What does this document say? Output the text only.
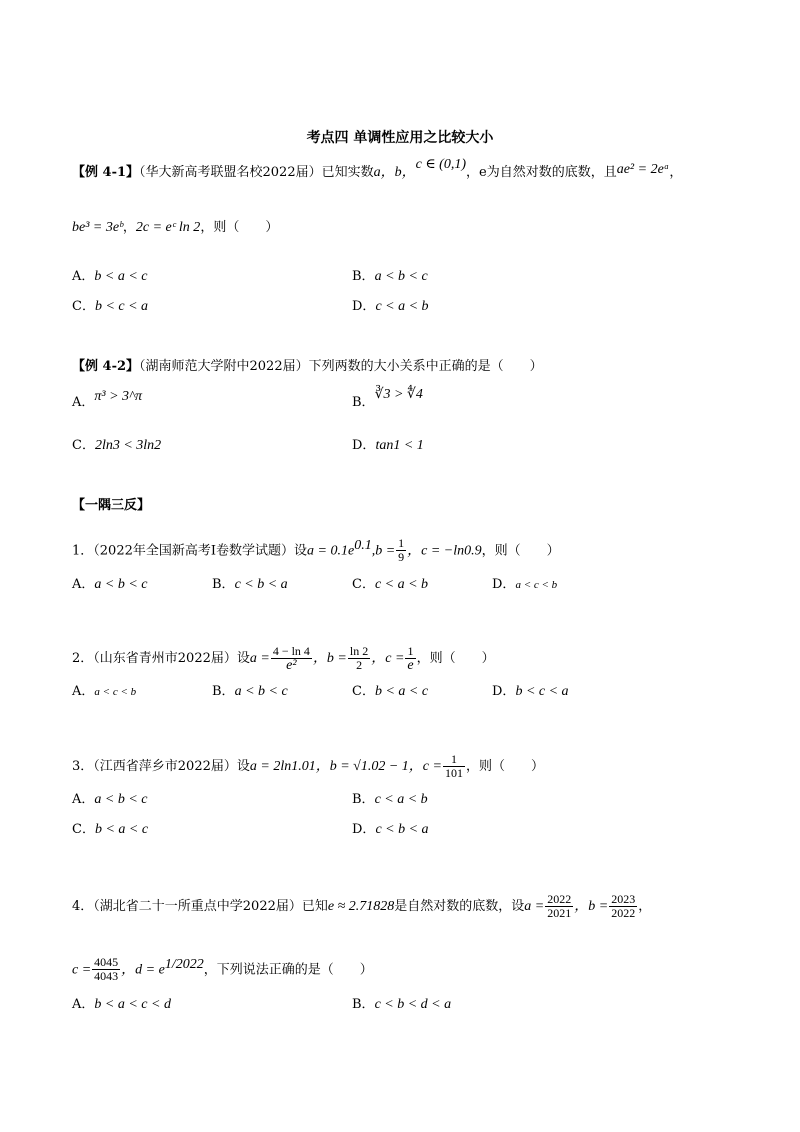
考点四 单调性应用之比较大小
【例 4-1】（华大新高考联盟名校2022届）已知实数a，b，c ∈ (0,1)，e为自然对数的底数，且ae² = 2eᵃ，
be³ = 3eᵇ，2c = eᶜ ln 2，则（　　）
A．b < a < c	B．a < b < c
C．b < c < a	D．c < a < b
【例 4-2】（湖南师范大学附中2022届）下列两数的大小关系中正确的是（　　）
A．π³ > 3^π	B．∛3 > ∜4
C．2ln3 < 3ln2	D．tan1 < 1
【一隅三反】
1．（2022年全国新高考Ⅰ卷数学试题）设$a = 0.1e^{0.1},b = \frac{1}{9}$ ，c = −ln0.9，则（　　）
A．a < b < c	B．c < b < a	C．c < a < b	D．a < c < b
2．（山东省青州市2022届）设$a = \frac{4 - \ln 4}{\text{e²}}$ ，$b = \frac{\ln 2}{2}$ ，$c = \frac{1}{e}$ ，则（　　）
A．a < c < b	B．a < b < c	C．b < a < c	D．b < c < a
3．（江西省萍乡市2022届）设a = 2ln1.01，b = √1.02 − 1，$c = \frac{1}{101}$ ，则（　　）
A．a < b < c	B．c < a < b
C．b < a < c	D．c < b < a
4．（湖北省二十一所重点中学2022届）已知e ≈ 2.71828是自然对数的底数，设$a = \frac{2022}{2021}$ ，$b = \frac{2023}{2022}$ ，
$c = \frac{4045}{4043}$ ，$d = e^{1/2022}$，下列说法正确的是（　　）
A．b < a < c < d	B．c < b < d < a
